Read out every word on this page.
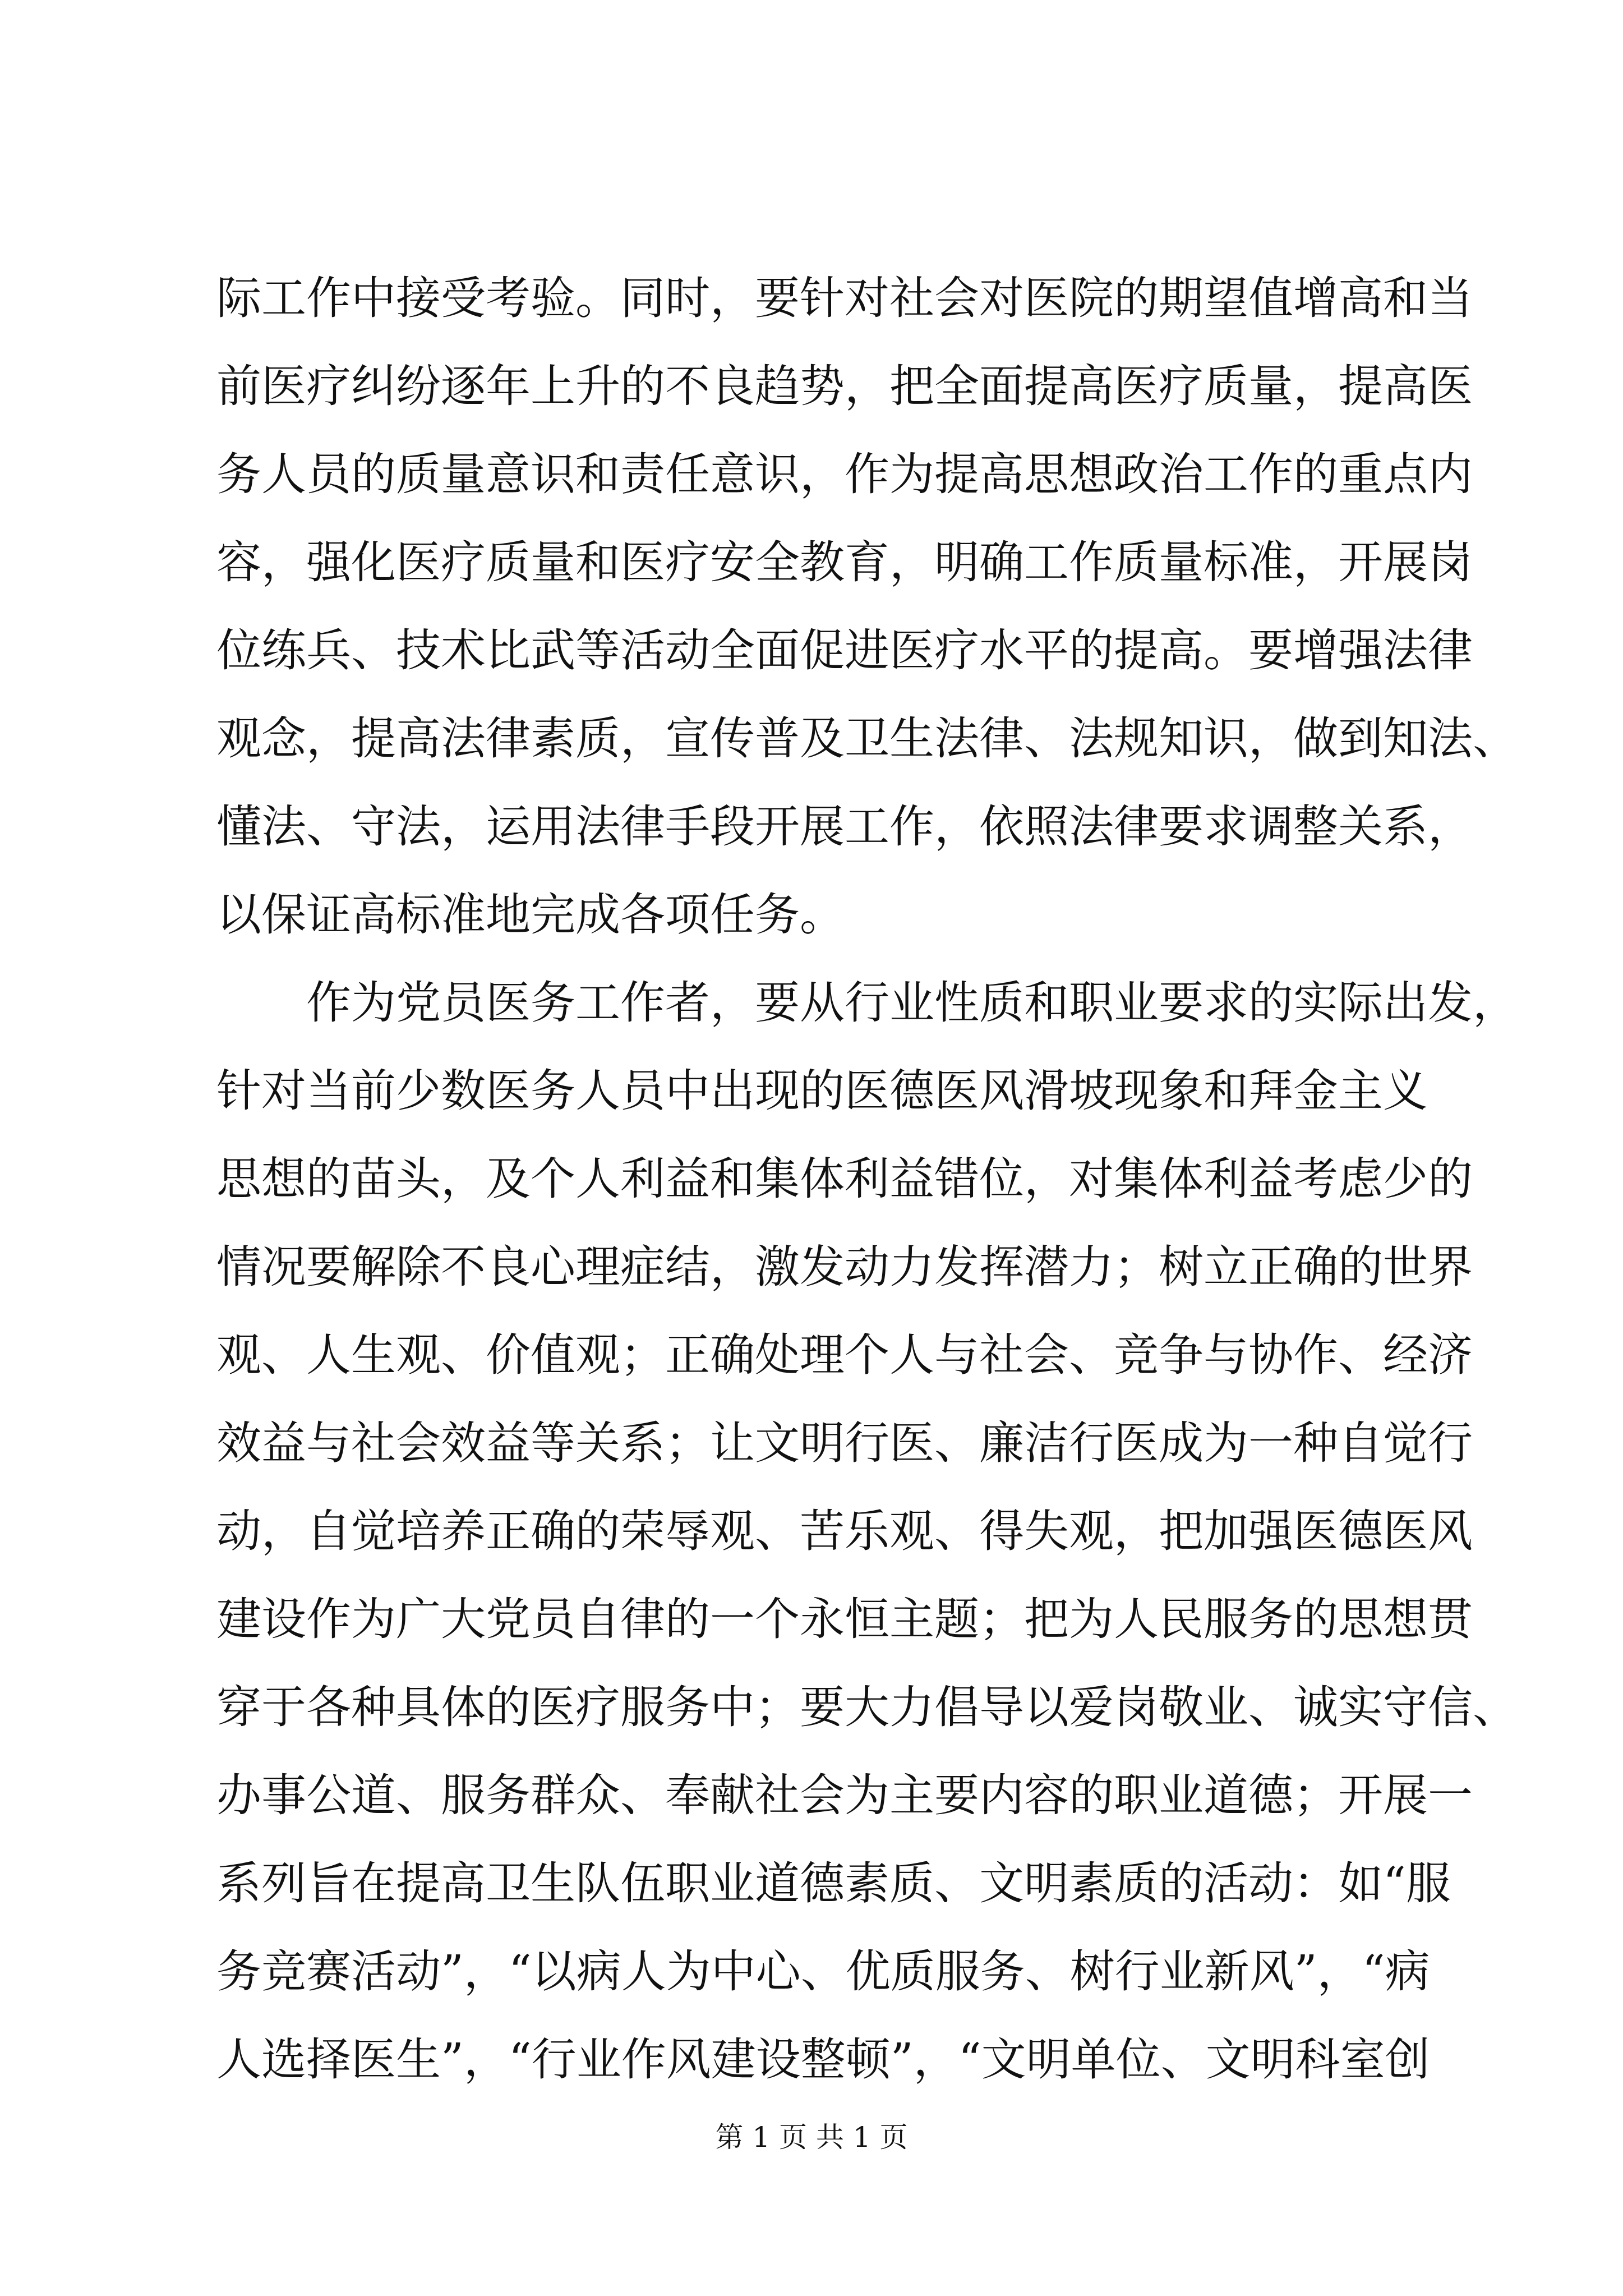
际工作中接受考验。同时，要针对社会对医院的期望值增高和当
前医疗纠纷逐年上升的不良趋势，把全面提高医疗质量，提高医
务人员的质量意识和责任意识，作为提高思想政治工作的重点内
容，强化医疗质量和医疗安全教育，明确工作质量标准，开展岗
位练兵、技术比武等活动全面促进医疗水平的提高。要增强法律
观念，提高法律素质，宣传普及卫生法律、法规知识，做到知法、
懂法、守法，运用法律手段开展工作，依照法律要求调整关系，
以保证高标准地完成各项任务。
作为党员医务工作者，要从行业性质和职业要求的实际出发，
针对当前少数医务人员中出现的医德医风滑坡现象和拜金主义
思想的苗头，及个人利益和集体利益错位，对集体利益考虑少的
情况要解除不良心理症结，激发动力发挥潜力；树立正确的世界
观、人生观、价值观；正确处理个人与社会、竞争与协作、经济
效益与社会效益等关系；让文明行医、廉洁行医成为一种自觉行
动，自觉培养正确的荣辱观、苦乐观、得失观，把加强医德医风
建设作为广大党员自律的一个永恒主题；把为人民服务的思想贯
穿于各种具体的医疗服务中；要大力倡导以爱岗敬业、诚实守信、
办事公道、服务群众、奉献社会为主要内容的职业道德；开展一
系列旨在提高卫生队伍职业道德素质、文明素质的活动：如“服
务竞赛活动”，“以病人为中心、优质服务、树行业新风”，“病
人选择医生”，“行业作风建设整顿”，“文明单位、文明科室创
第 1 页 共 1 页
